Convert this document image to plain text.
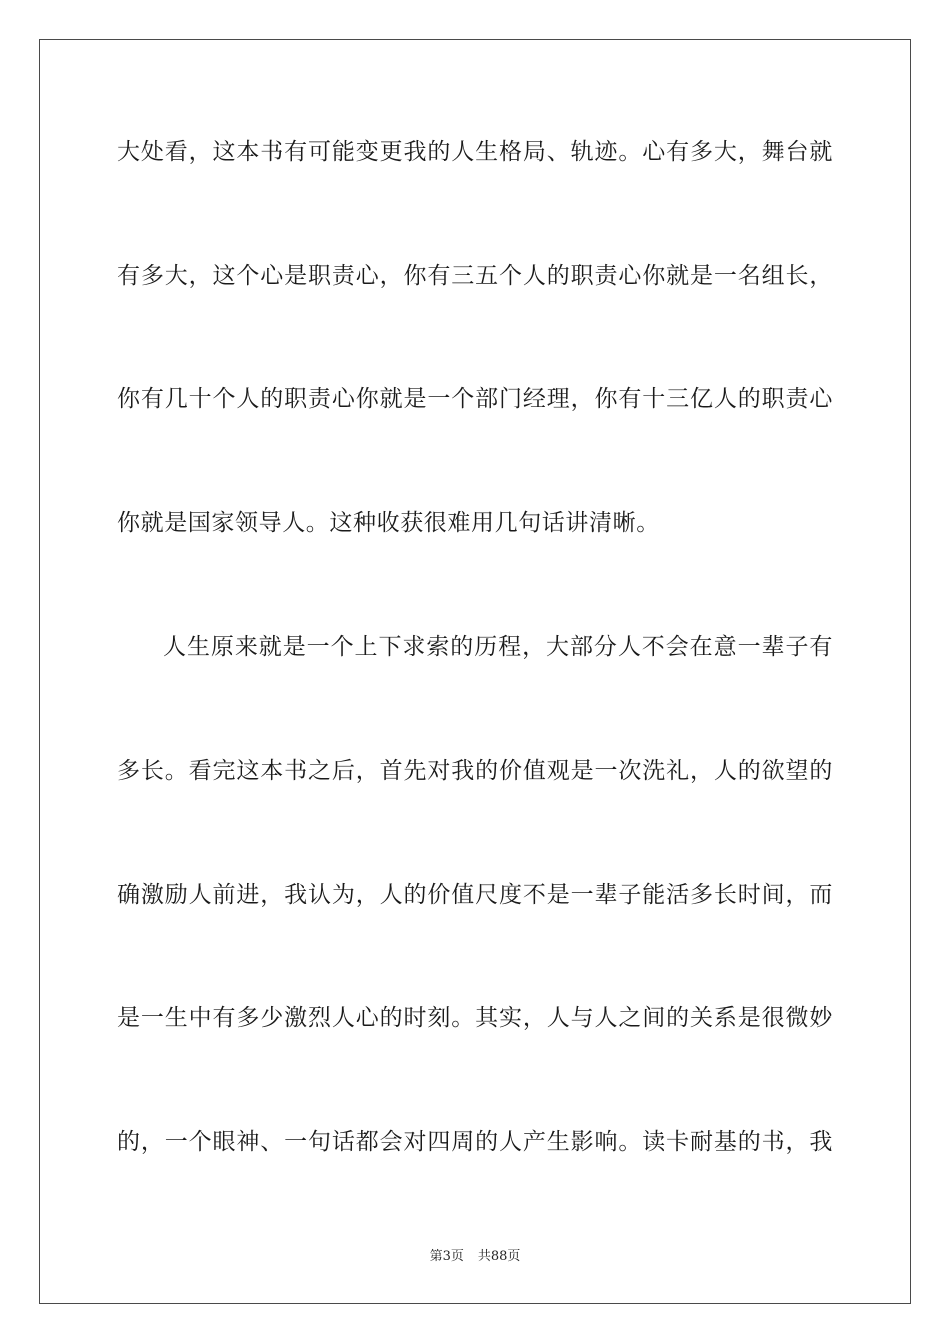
大处看，这本书有可能变更我的人生格局、轨迹。心有多大，舞台就
有多大，这个心是职责心，你有三五个人的职责心你就是一名组长，
你有几十个人的职责心你就是一个部门经理，你有十三亿人的职责心
你就是国家领导人。这种收获很难用几句话讲清晰。
人生原来就是一个上下求索的历程，大部分人不会在意一辈子有
多长。看完这本书之后，首先对我的价值观是一次洗礼，人的欲望的
确激励人前进，我认为，人的价值尺度不是一辈子能活多长时间，而
是一生中有多少激烈人心的时刻。其实，人与人之间的关系是很微妙
的，一个眼神、一句话都会对四周的人产生影响。读卡耐基的书，我
第3页 共88页
